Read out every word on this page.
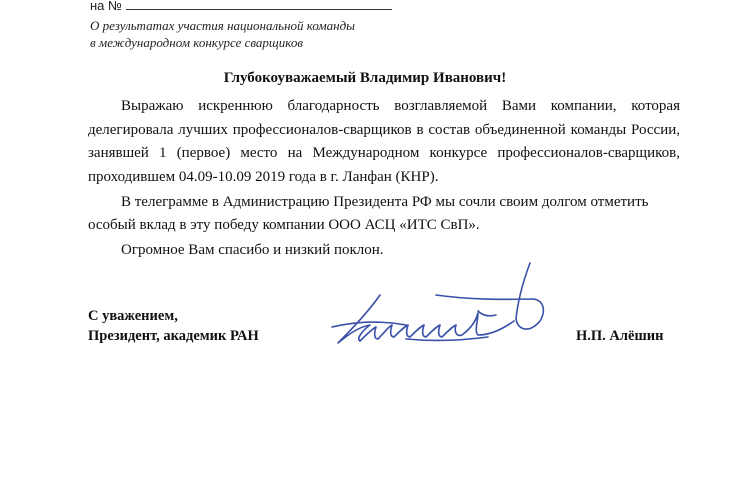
на №
О результатах участия национальной команды
в международном конкурсе сварщиков
Глубокоуважаемый Владимир Иванович!

Выражаю искреннюю благодарность возглавляемой Вами компании, которая делегировала лучших профессионалов-сварщиков в состав объединенной команды России, занявшей 1 (первое) место на Международном конкурсе профессионалов-сварщиков, проходившем 04.09-10.09 2019 года в г. Ланфан (КНР).

В телеграмме в Администрацию Президента РФ мы сочли своим долгом отметить особый вклад в эту победу компании ООО АСЦ «ИТС СвП».

Огромное Вам спасибо и низкий поклон.

С уважением,
Президент, академик РАН	Н.П. Алёшин
